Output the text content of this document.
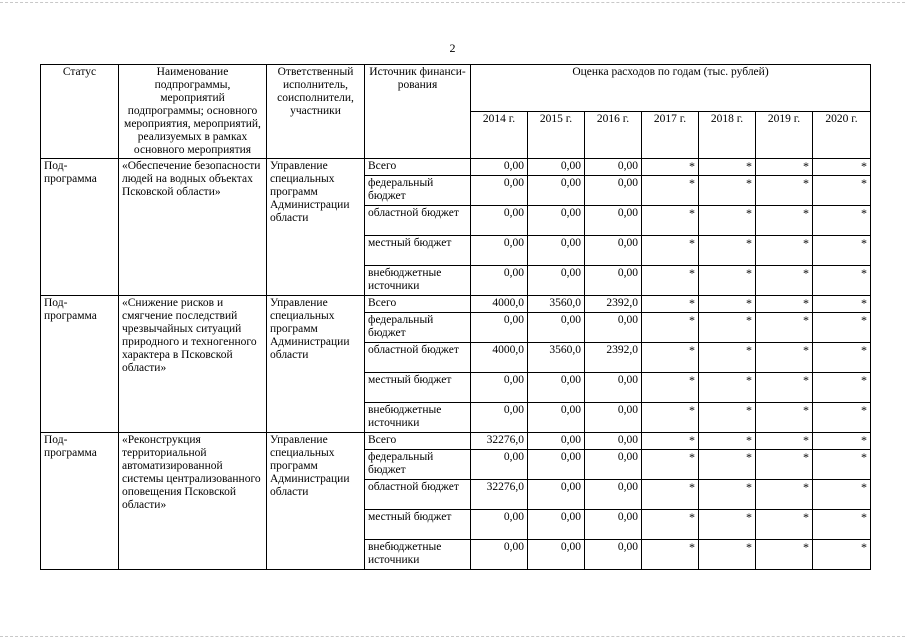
2
Статус	Наименование подпрограммы, мероприятий подпрограммы; основного мероприятия, мероприятий, реализуемых в рамках основного мероприятия	Ответственный исполнитель, соисполнители, участники	Источник финанси-рования	Оценка расходов по годам (тыс. рублей)						
				2014 г.	2015 г.	2016 г.	2017 г.	2018 г.	2019 г.	2020 г.
Под-программа	«Обеспечение безопасности людей на водных объектах Псковской области»	Управление специальных программ Администрации области	Всего	0,00	0,00	0,00	*	*	*	*
			федеральный бюджет	0,00	0,00	0,00	*	*	*	*
			областной бюджет	0,00	0,00	0,00	*	*	*	*
			местный бюджет	0,00	0,00	0,00	*	*	*	*
			внебюджетные источники	0,00	0,00	0,00	*	*	*	*
Под-программа	«Снижение рисков и смягчение последствий чрезвычайных ситуаций природного и техногенного характера в Псковской области»	Управление специальных программ Администрации области	Всего	4000,0	3560,0	2392,0	*	*	*	*
			федеральный бюджет	0,00	0,00	0,00	*	*	*	*
			областной бюджет	4000,0	3560,0	2392,0	*	*	*	*
			местный бюджет	0,00	0,00	0,00	*	*	*	*
			внебюджетные источники	0,00	0,00	0,00	*	*	*	*
Под-программа	«Реконструкция территориальной автоматизированной системы централизованного оповещения Псковской области»	Управление специальных программ Администрации области	Всего	32276,0	0,00	0,00	*	*	*	*
			федеральный бюджет	0,00	0,00	0,00	*	*	*	*
			областной бюджет	32276,0	0,00	0,00	*	*	*	*
			местный бюджет	0,00	0,00	0,00	*	*	*	*
			внебюджетные источники	0,00	0,00	0,00	*	*	*	*
